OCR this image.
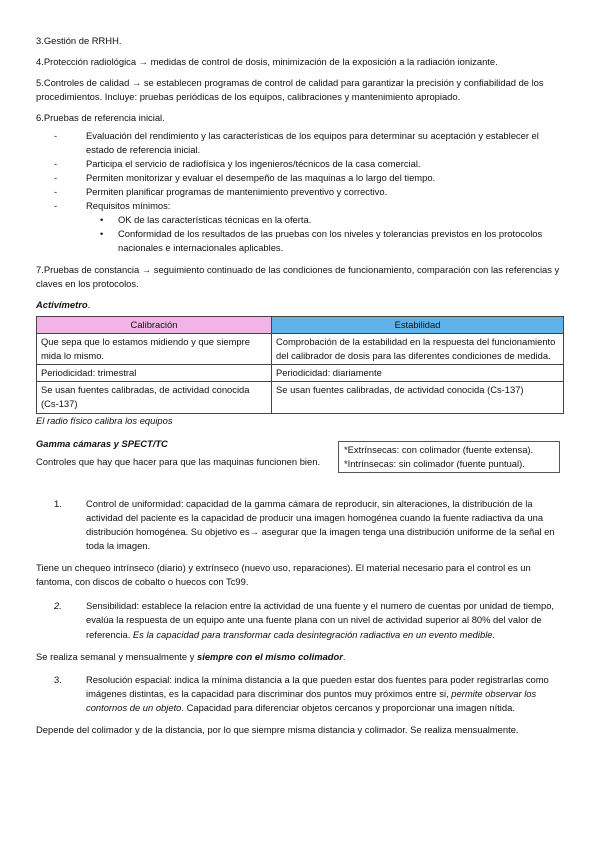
3.Gestión de RRHH.

4.Protección radiológica → medidas de control de dosis, minimización de la exposición a la radiación ionizante.

5.Controles de calidad → se establecen programas de control de calidad para garantizar la precisión y confiabilidad de los procedimientos. Incluye: pruebas periódicas de los equipos, calibraciones y mantenimiento apropiado.

6.Pruebas de referencia inicial.

-	Evaluación del rendimiento y las características de los equipos para determinar su aceptación y establecer el estado de referencia inicial.
-	Participa el servicio de radiofísica y los ingenieros/técnicos de la casa comercial.
-	Permiten monitorizar y evaluar el desempeño de las maquinas a lo largo del tiempo.
-	Permiten planificar programas de mantenimiento preventivo y correctivo.
-	Requisitos mínimos:
• OK de las características técnicas en la oferta.
• Conformidad de los resultados de las pruebas con los niveles y tolerancias previstos en los protocolos nacionales e internacionales aplicables.

7.Pruebas de constancia → seguimiento continuado de las condiciones de funcionamiento, comparación con las referencias y claves en los protocolos.

Activímetro.

Calibración	Estabilidad
Que sepa que lo estamos midiendo y que siempre mida lo mismo.	Comprobación de la estabilidad en la respuesta del funcionamiento del calibrador de dosis para las diferentes condiciones de medida.
Periodicidad: trimestral	Periodicidad: diariamente
Se usan fuentes calibradas, de actividad conocida (Cs-137)	Se usan fuentes calibradas, de actividad conocida (Cs-137)

El radio físico calibra los equipos

Gamma cámaras y SPECT/TC

Controles que hay que hacer para que las maquinas funcionen bien.

*Extrínsecas: con colimador (fuente extensa).
*Intrínsecas: sin colimador (fuente puntual).
1.	Control de uniformidad: capacidad de la gamma cámara de reproducir, sin alteraciones, la distribución de la actividad del paciente es la capacidad de producir una imagen homogénea cuando la fuente radiactiva da una distribución homogénea. Su objetivo es→ asegurar que la imagen tenga una distribución uniforme de la señal en toda la imagen.

Tiene un chequeo intrínseco (diario) y extrínseco (nuevo uso, reparaciones). El material necesario para el control es un fantoma, con discos de cobalto o huecos con Tc99.

2.	Sensibilidad: establece la relacion entre la actividad de una fuente y el numero de cuentas por unidad de tiempo, evalúa la respuesta de un equipo ante una fuente plana con un nivel de actividad superior al 80% del valor de referencia. Es la capacidad para transformar cada desintegración radiactiva en un evento medible.

Se realiza semanal y mensualmente y siempre con el mismo colimador.

3.	Resolución espacial: indica la mínima distancia a la que pueden estar dos fuentes para poder registrarlas como imágenes distintas, es la capacidad para discriminar dos puntos muy próximos entre si, permite observar los contornos de un objeto. Capacidad para diferenciar objetos cercanos y proporcionar una imagen nítida.

Depende del colimador y de la distancia, por lo que siempre misma distancia y colimador. Se realiza mensualmente.
